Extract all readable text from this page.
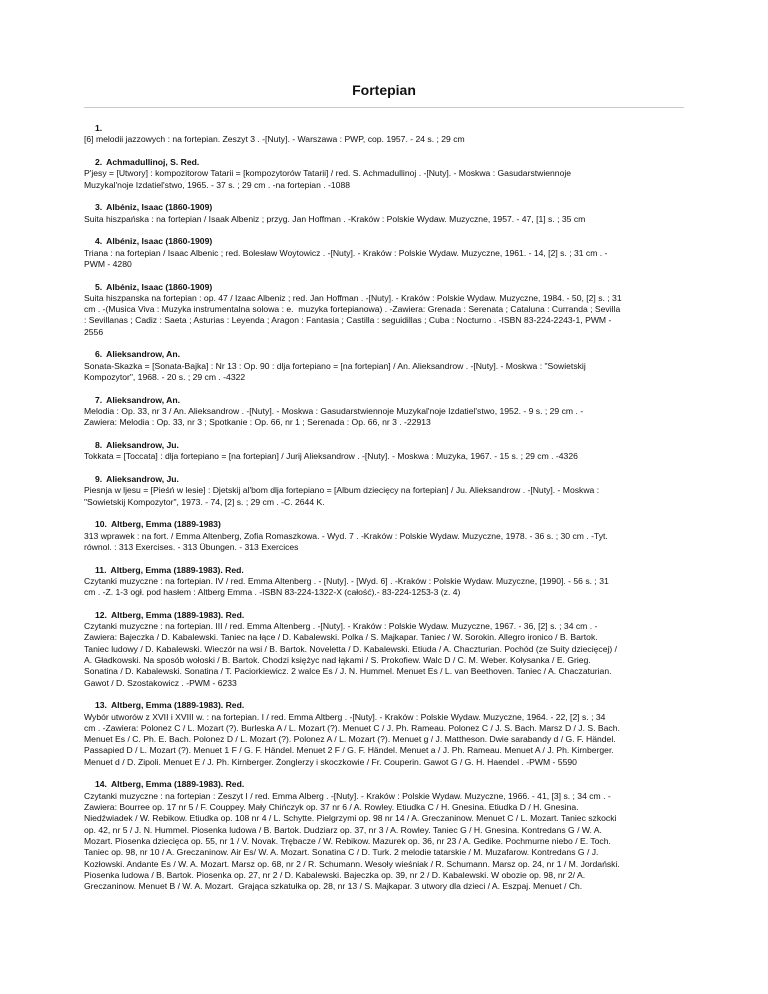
Fortepian
1.
[6] melodii jazzowych : na fortepian. Zeszyt 3 . -[Nuty]. - Warszawa : PWP, cop. 1957. - 24 s. ; 29 cm
2. Achmadullinoj, S. Red.
P'jesy = [Utwory] : kompozitorow Tatarii = [kompozytorów Tatarii] / red. S. Achmadullinoj . -[Nuty]. - Moskwa : Gasudarstwiennoje
Muzykal'noje Izdatiel'stwo, 1965. - 37 s. ; 29 cm . -na fortepian . -1088
3. Albéniz, Isaac (1860-1909)
Suita hiszpańska : na fortepian / Isaak Albeniz ; przyg. Jan Hoffman . -Kraków : Polskie Wydaw. Muzyczne, 1957. - 47, [1] s. ; 35 cm
4. Albéniz, Isaac (1860-1909)
Triana : na fortepian / Isaac Albenic ; red. Bolesław Woytowicz . -[Nuty]. - Kraków : Polskie Wydaw. Muzyczne, 1961. - 14, [2] s. ; 31 cm . -
PWM - 4280
5. Albéniz, Isaac (1860-1909)
Suita hiszpanska na fortepian : op. 47 / Izaac Albeniz ; red. Jan Hoffman . -[Nuty]. - Kraków : Polskie Wydaw. Muzyczne, 1984. - 50, [2] s. ; 31
cm . -(Musica Viva : Muzyka instrumentalna solowa : e.  muzyka fortepianowa) . -Zawiera: Grenada : Serenata ; Cataluna : Curranda ; Sevilla
: Sevillanas ; Cadiz : Saeta ; Asturias : Leyenda ; Aragon : Fantasia ; Castilla : seguidillas ; Cuba : Nocturno . -ISBN 83-224-2243-1, PWM -
2556
6. Alieksandrow, An.
Sonata-Skazka = [Sonata-Bajka] : Nr 13 : Op. 90 : dlja fortepiano = [na fortepian] / An. Alieksandrow . -[Nuty]. - Moskwa : "Sowietskij
Kompozytor", 1968. - 20 s. ; 29 cm . -4322
7. Alieksandrow, An.
Melodia : Op. 33, nr 3 / An. Alieksandrow . -[Nuty]. - Moskwa : Gasudarstwiennoje Muzykal'noje Izdatiel'stwo, 1952. - 9 s. ; 29 cm . -
Zawiera: Melodia : Op. 33, nr 3 ; Spotkanie : Op. 66, nr 1 ; Serenada : Op. 66, nr 3 . -22913
8. Alieksandrow, Ju.
Tokkata = [Toccata] : dlja fortepiano = [na fortepian] / Jurij Alieksandrow . -[Nuty]. - Moskwa : Muzyka, 1967. - 15 s. ; 29 cm . -4326
9. Alieksandrow, Ju.
Piesnja w ljesu = [Pieśń w lesie] : Djetskij al'bom dlja fortepiano = [Album dziecięcy na fortepian] / Ju. Alieksandrow . -[Nuty]. - Moskwa :
"Sowietskij Kompozytor", 1973. - 74, [2] s. ; 29 cm . -C. 2644 K.
10. Altberg, Emma (1889-1983)
313 wprawek : na fort. / Emma Altenberg, Zofia Romaszkowa. - Wyd. 7 . -Kraków : Polskie Wydaw. Muzyczne, 1978. - 36 s. ; 30 cm . -Tyt.
równol. : 313 Exercises. - 313 Übungen. - 313 Exercices
11. Altberg, Emma (1889-1983). Red.
Czytanki muzyczne : na fortepian. IV / red. Emma Altenberg . - [Nuty]. - [Wyd. 6] . -Kraków : Polskie Wydaw. Muzyczne, [1990]. - 56 s. ; 31
cm . -Z. 1-3 ogł. pod hasłem : Altberg Emma . -ISBN 83-224-1322-X (całość).- 83-224-1253-3 (z. 4)
12. Altberg, Emma (1889-1983). Red.
Czytanki muzyczne : na fortepian. III / red. Emma Altenberg . -[Nuty]. - Kraków : Polskie Wydaw. Muzyczne, 1967. - 36, [2] s. ; 34 cm . -
Zawiera: Bajeczka / D. Kabalewski. Taniec na łące / D. Kabalewski. Polka / S. Majkapar. Taniec / W. Sorokin. Allegro ironico / B. Bartok.
Taniec ludowy / D. Kabalewski. Wieczór na wsi / B. Bartok. Noveletta / D. Kabalewski. Etiuda / A. Chaczturian. Pochód (ze Suity dziecięcej) /
A. Gładkowski. Na sposób wołoski / B. Bartok. Chodzi księżyc nad łąkami / S. Prokofiew. Walc D / C. M. Weber. Kołysanka / E. Grieg.
Sonatina / D. Kabalewski. Sonatina / T. Paciorkiewicz. 2 walce Es / J. N. Hummel. Menuet Es / L. van Beethoven. Taniec / A. Chaczaturian.
Gawot / D. Szostakowicz . -PWM - 6233
13. Altberg, Emma (1889-1983). Red.
Wybór utworów z XVII i XVIII w. : na fortepian. I / red. Emma Altberg . -[Nuty]. - Kraków : Polskie Wydaw. Muzyczne, 1964. - 22, [2] s. ; 34
cm . -Zawiera: Polonez C / L. Mozart (?). Burleska A / L. Mozart (?). Menuet C / J. Ph. Rameau. Polonez C / J. S. Bach. Marsz D / J. S. Bach.
Menuet Es / C. Ph. E. Bach. Polonez D / L. Mozart (?). Polonez A / L. Mozart (?). Menuet g / J. Mattheson. Dwie sarabandy d / G. F. Händel.
Passapied D / L. Mozart (?). Menuet 1 F / G. F. Händel. Menuet 2 F / G. F. Händel. Menuet a / J. Ph. Rameau. Menuet A / J. Ph. Kirnberger.
Menuet d / D. Zipoli. Menuet E / J. Ph. Kirnberger. Żonglerzy i skoczkowie / Fr. Couperin. Gawot G / G. H. Haendel . -PWM - 5590
14. Altberg, Emma (1889-1983). Red.
Czytanki muzyczne : na fortepian : Zeszyt I / red. Emma Alberg . -[Nuty]. - Kraków : Polskie Wydaw. Muzyczne, 1966. - 41, [3] s. ; 34 cm . -
Zawiera: Bourree op. 17 nr 5 / F. Couppey. Mały Chińczyk op. 37 nr 6 / A. Rowley. Etiudka C / H. Gnesina. Etiudka D / H. Gnesina.
Niedźwiadek / W. Rebikow. Etiudka op. 108 nr 4 / L. Schytte. Pielgrzymi op. 98 nr 14 / A. Greczaninow. Menuet C / L. Mozart. Taniec szkocki
op. 42, nr 5 / J. N. Hummel. Piosenka ludowa / B. Bartok. Dudziarz op. 37, nr 3 / A. Rowley. Taniec G / H. Gnesina. Kontredans G / W. A.
Mozart. Piosenka dziecięca op. 55, nr 1 / V. Novak. Trębacze / W. Rebikow. Mazurek op. 36, nr 23 / A. Gedike. Pochmurne niebo / E. Toch.
Taniec op. 98, nr 10 / A. Greczaninow. Air Es/ W. A. Mozart. Sonatina C / D. Turk. 2 melodie tatarskie / M. Muzafarow. Kontredans G / J.
Kozłowski. Andante Es / W. A. Mozart. Marsz op. 68, nr 2 / R. Schumann. Wesoły wieśniak / R. Schumann. Marsz op. 24, nr 1 / M. Jordański.
Piosenka ludowa / B. Bartok. Piosenka op. 27, nr 2 / D. Kabalewski. Bajeczka op. 39, nr 2 / D. Kabalewski. W obozie op. 98, nr 2/ A.
Greczaninow. Menuet B / W. A. Mozart.  Grająca szkatułka op. 28, nr 13 / S. Majkapar. 3 utwory dla dzieci / A. Eszpaj. Menuet / Ch.
